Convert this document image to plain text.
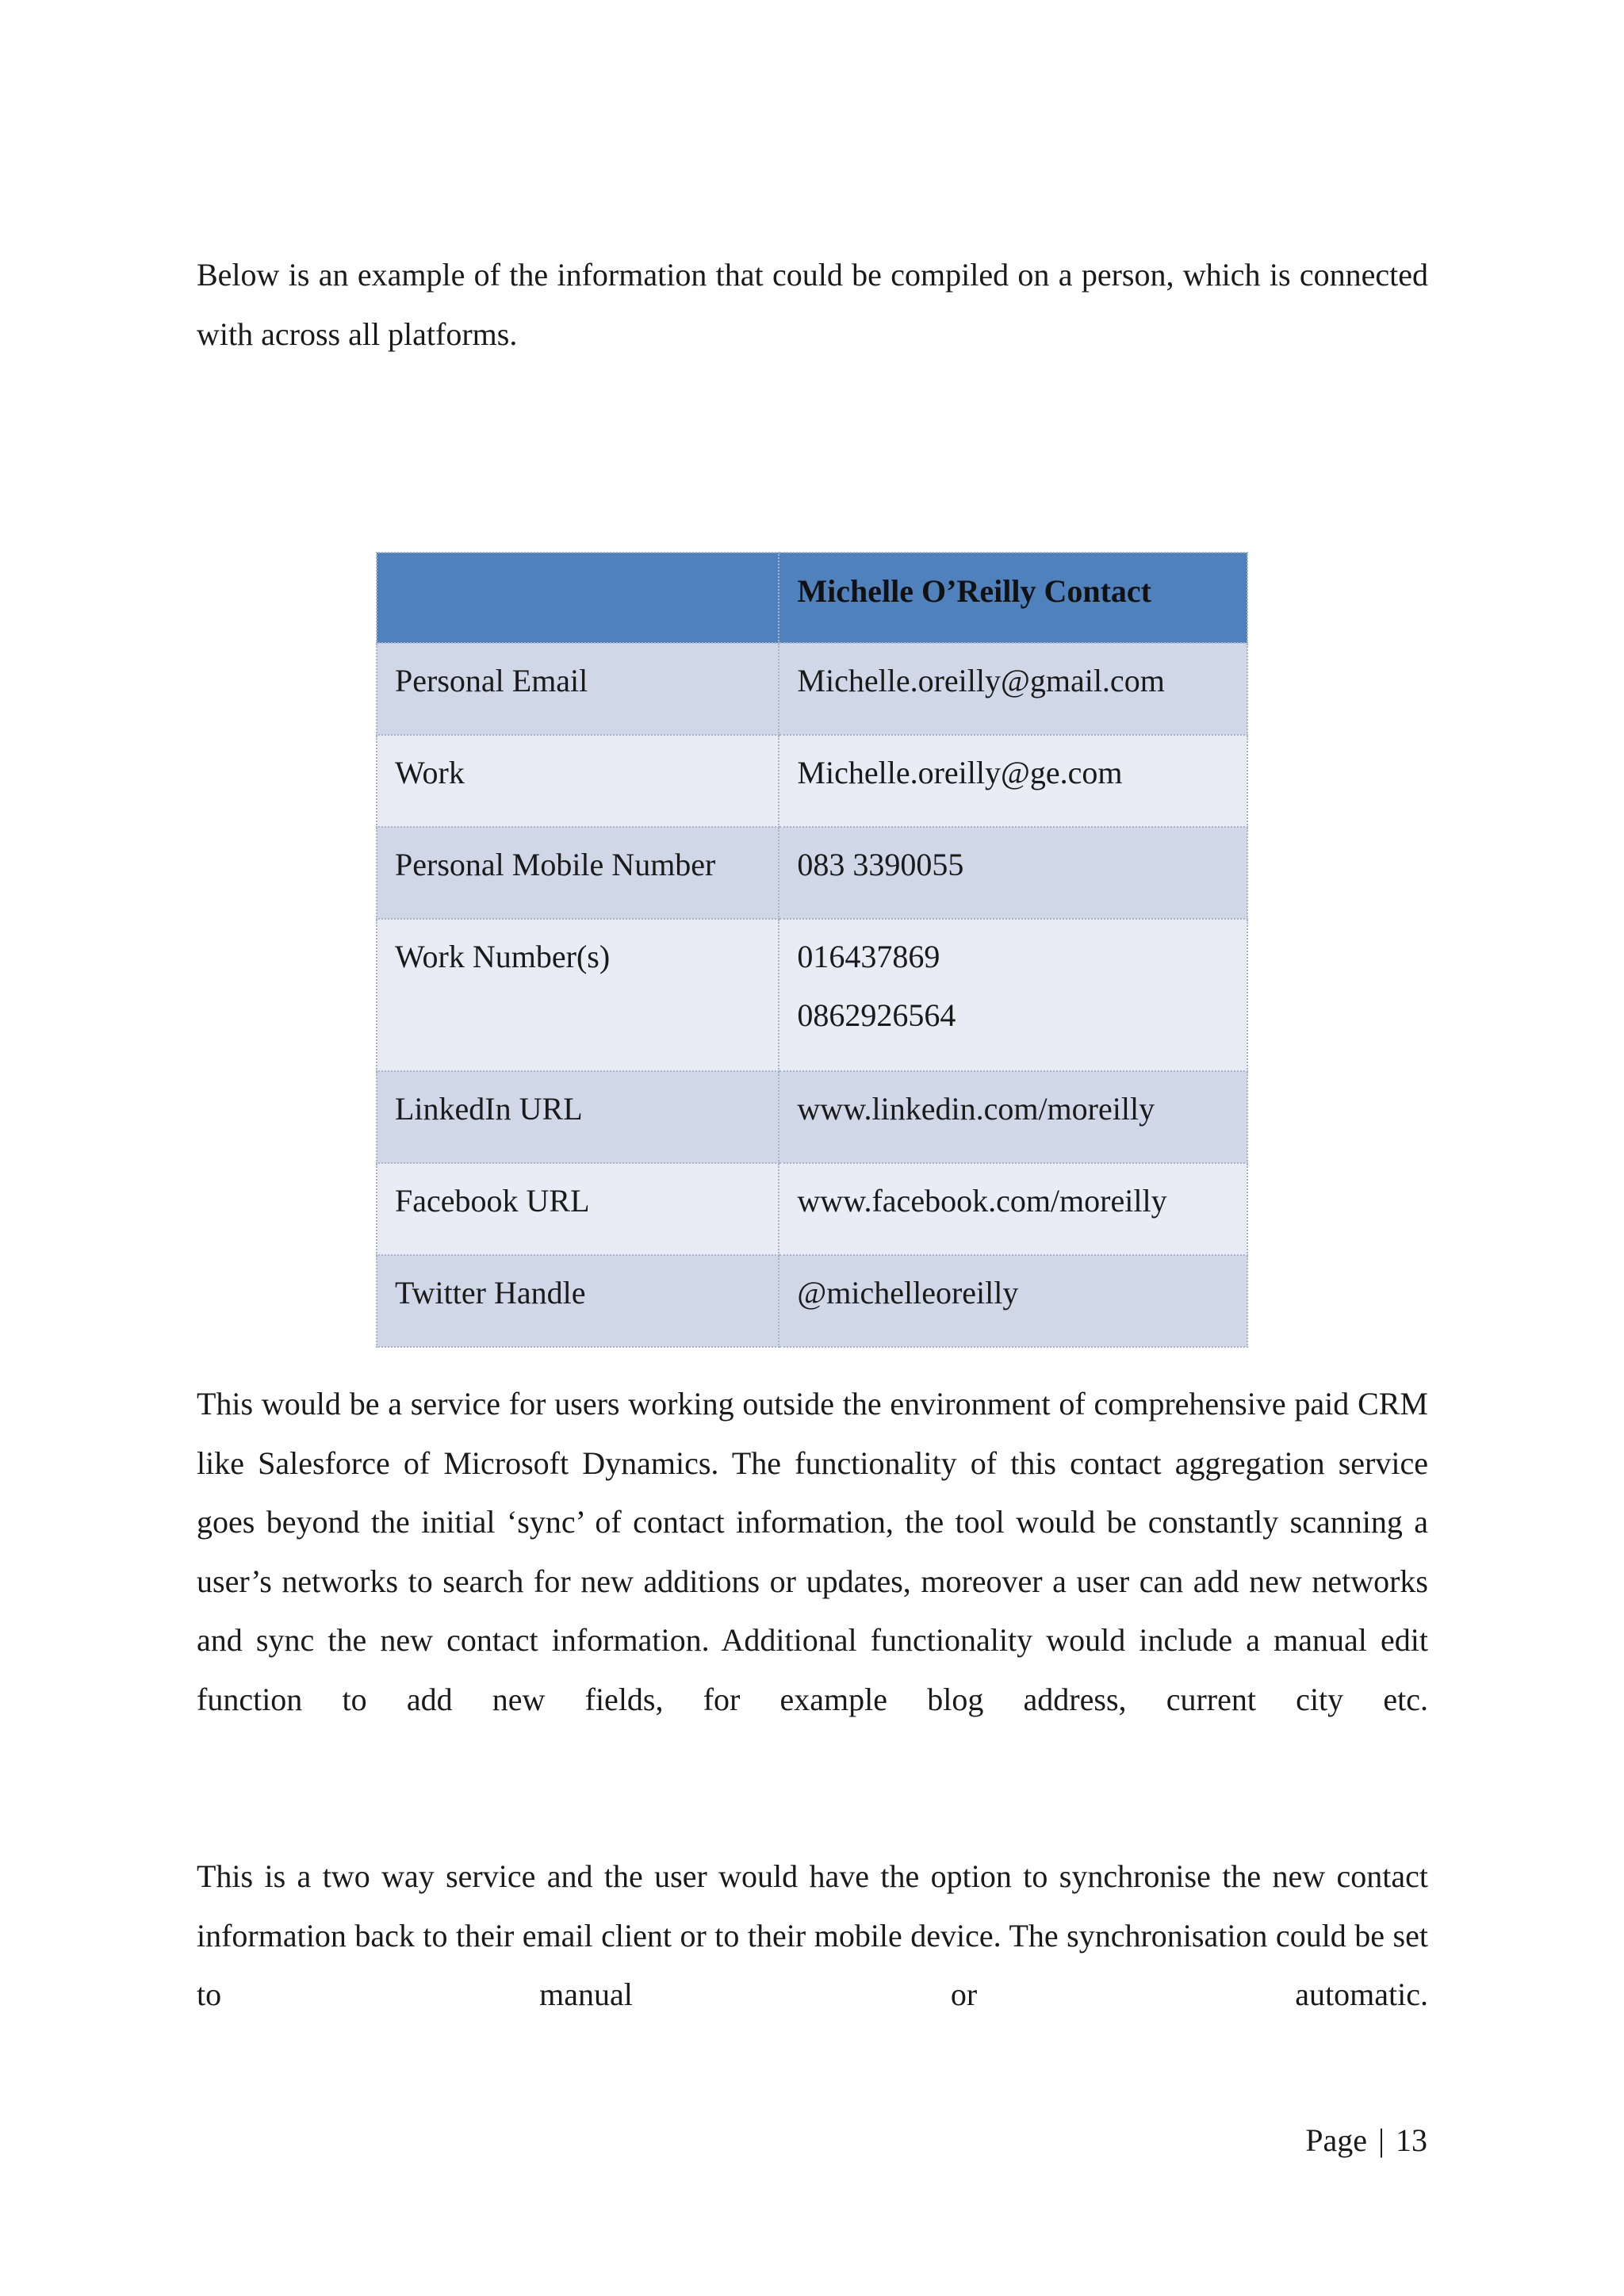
Below is an example of the information that could be compiled on a person, which is connected with across all platforms.

	Michelle O’Reilly Contact
Personal Email	Michelle.oreilly@gmail.com

Work	Michelle.oreilly@ge.com

Personal Mobile Number	083 3390055

Work Number(s)	016437869
0862926564

LinkedIn URL	www.linkedin.com/moreilly

Facebook URL	www.facebook.com/moreilly

Twitter Handle	@michelleoreilly

This would be a service for users working outside the environment of comprehensive paid CRM like Salesforce of Microsoft Dynamics. The functionality of this contact aggregation service goes beyond the initial ‘sync’ of contact information, the tool would be constantly scanning a user’s networks to search for new additions or updates, moreover a user can add new networks and sync the new contact information. Additional functionality would include a manual edit function to add new fields, for example blog address, current city etc.

This is a two way service and the user would have the option to synchronise the new contact information back to their email client or to their mobile device. The synchronisation could be set to manual or automatic.

Page | 13
